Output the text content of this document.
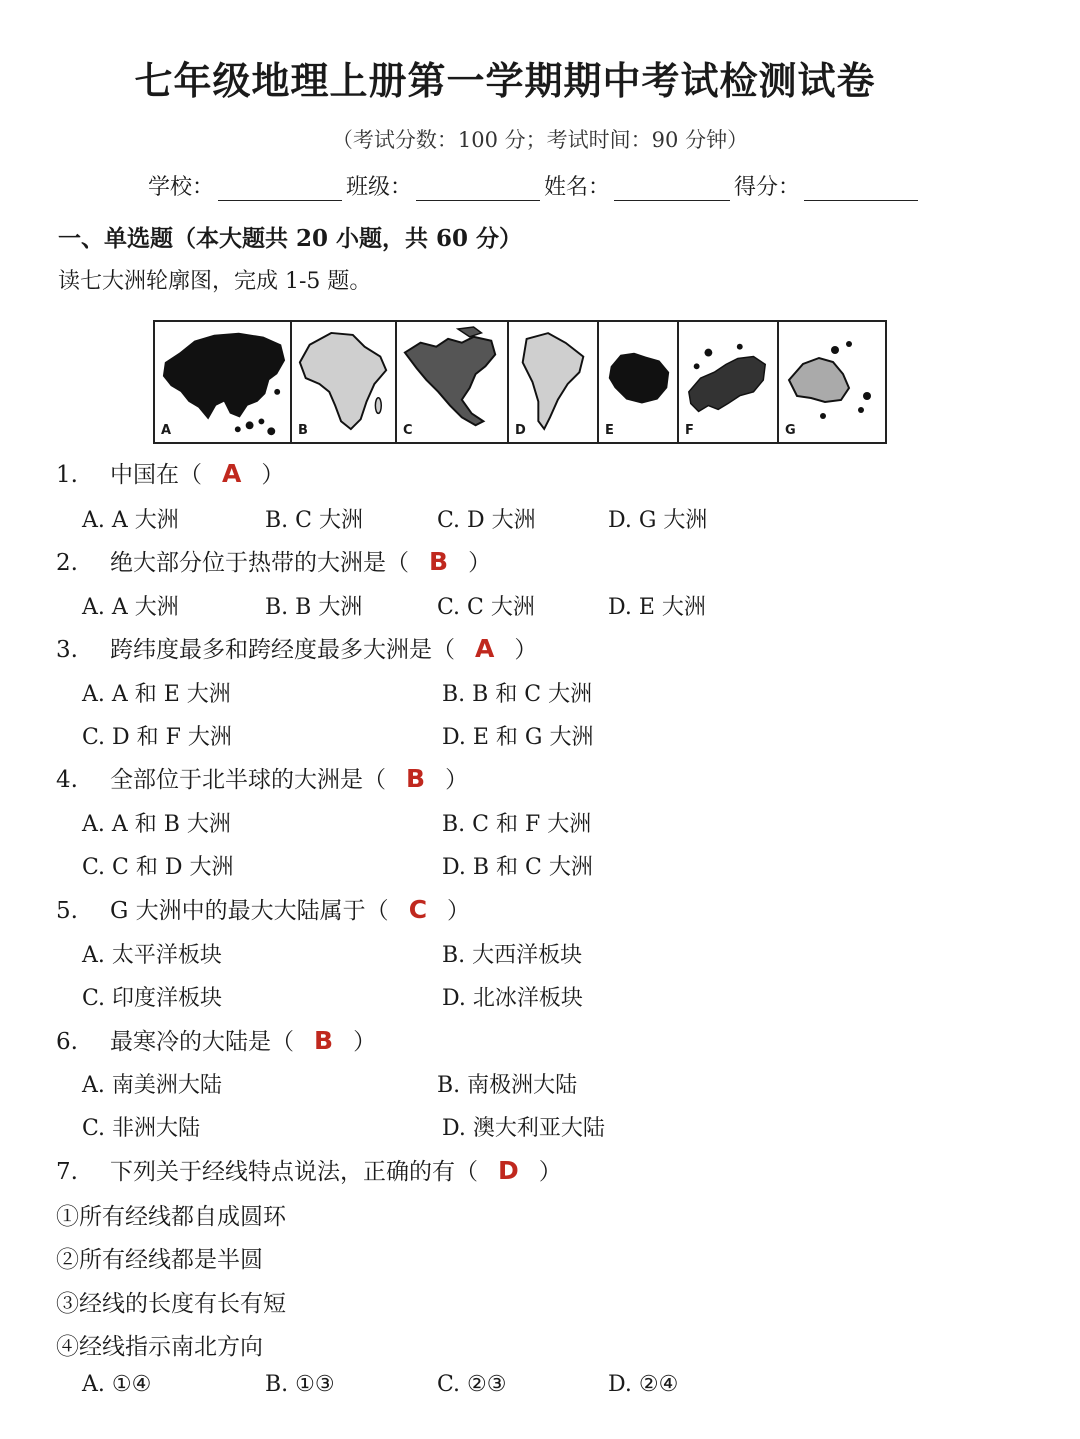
七年级地理上册第一学期期中考试检测试卷
（考试分数：100 分；考试时间：90 分钟）
学校：	班级：	姓名：	得分：
一、单选题（本大题共 20 小题，共 60 分）
读七大洲轮廓图，完成 1-5 题。
A	B	C	D	E	F	G
1. 中国在（ A ）
A. A 大洲	B. C 大洲	C. D 大洲	D. G 大洲
2. 绝大部分位于热带的大洲是（ B ）
A. A 大洲	B. B 大洲	C. C 大洲	D. E 大洲
3. 跨纬度最多和跨经度最多大洲是（ A ）
A. A 和 E 大洲	B. B 和 C 大洲
C. D 和 F 大洲	D. E 和 G 大洲
4. 全部位于北半球的大洲是（ B ）
A. A 和 B 大洲	B. C 和 F 大洲
C. C 和 D 大洲	D. B 和 C 大洲
5. G 大洲中的最大大陆属于（ C ）
A. 太平洋板块	B. 大西洋板块
C. 印度洋板块	D. 北冰洋板块
6. 最寒冷的大陆是（ B ）
A. 南美洲大陆	B. 南极洲大陆
C. 非洲大陆	D. 澳大利亚大陆
7. 下列关于经线特点说法，正确的有（ D ）
①所有经线都自成圆环
②所有经线都是半圆
③经线的长度有长有短
④经线指示南北方向
A. ①④	B. ①③	C. ②③	D. ②④
